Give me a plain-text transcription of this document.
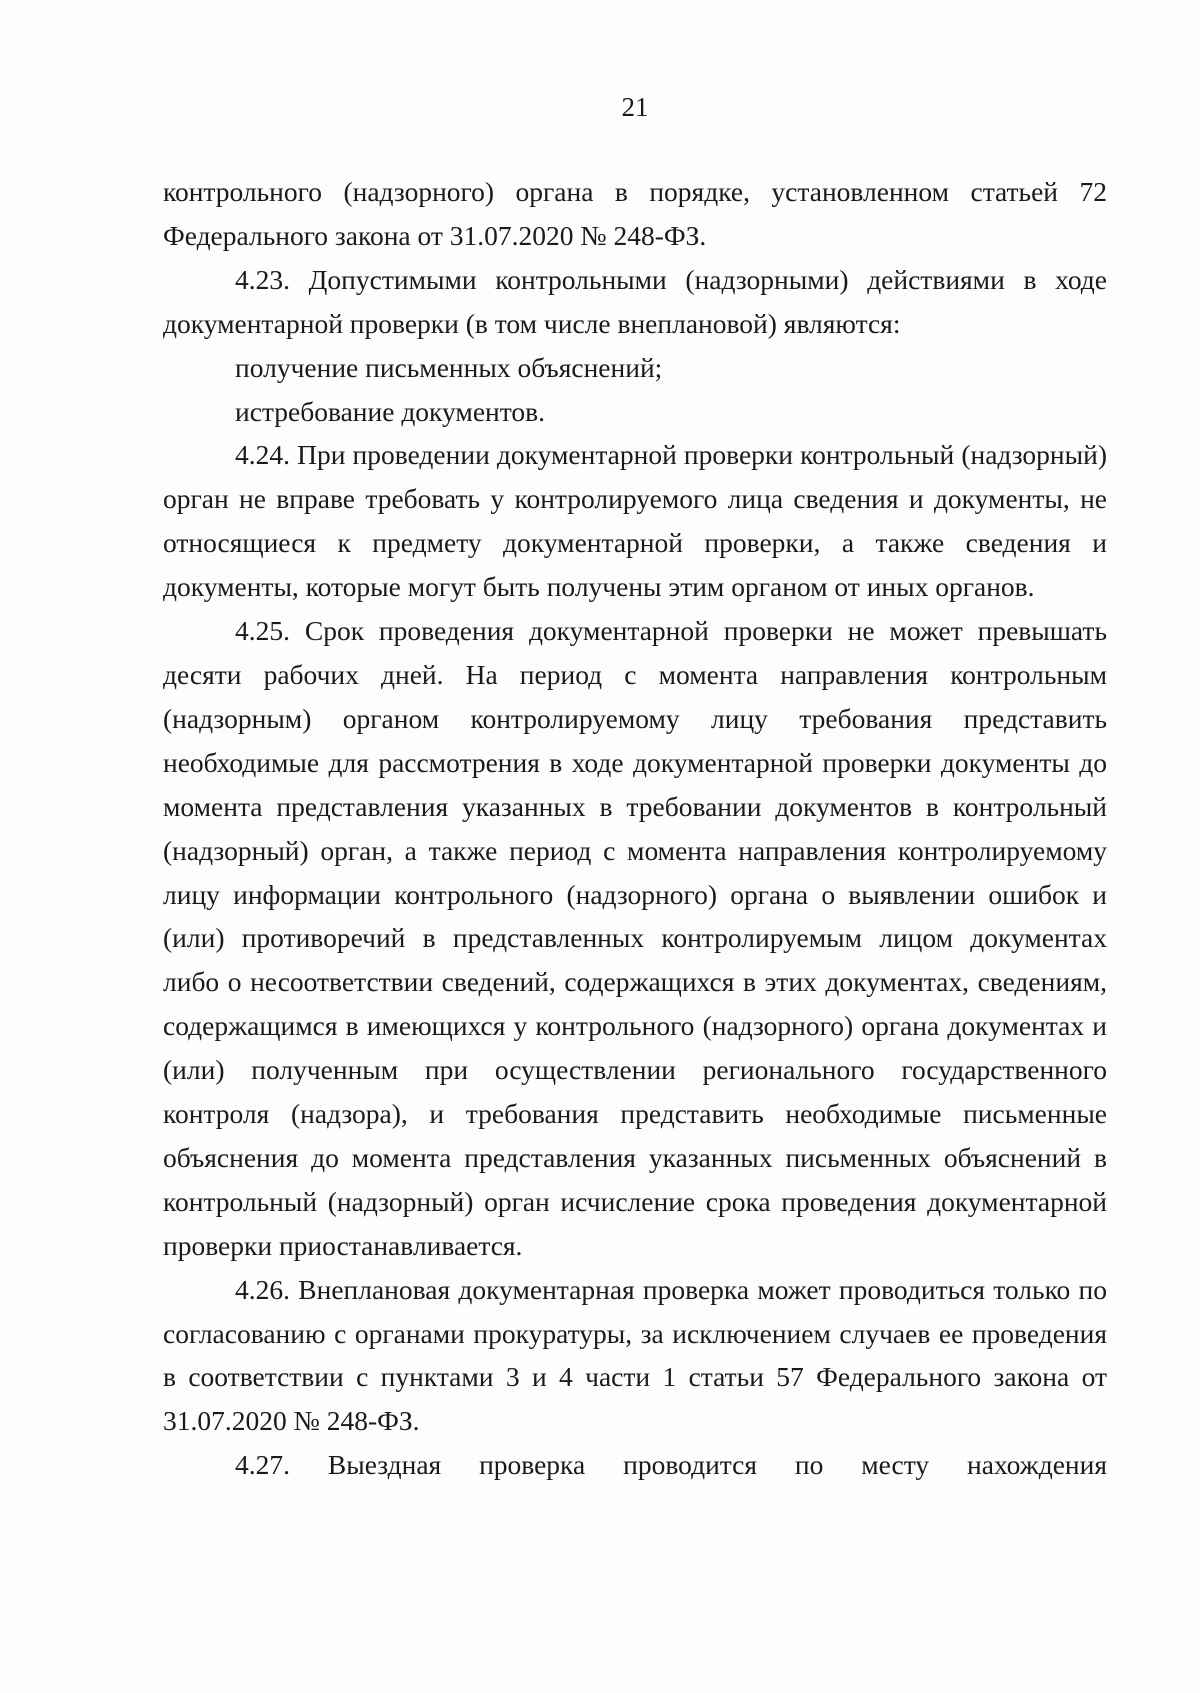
21

контрольного (надзорного) органа в порядке, установленном статьей 72 Федерального закона от 31.07.2020 № 248-ФЗ.

4.23. Допустимыми контрольными (надзорными) действиями в ходе документарной проверки (в том числе внеплановой) являются:

получение письменных объяснений;

истребование документов.

4.24. При проведении документарной проверки контрольный (надзорный) орган не вправе требовать у контролируемого лица сведения и документы, не относящиеся к предмету документарной проверки, а также сведения и документы, которые могут быть получены этим органом от иных органов.

4.25. Срок проведения документарной проверки не может превышать десяти рабочих дней. На период с момента направления контрольным (надзорным) органом контролируемому лицу требования представить необходимые для рассмотрения в ходе документарной проверки документы до момента представления указанных в требовании документов в контрольный (надзорный) орган, а также период с момента направления контролируемому лицу информации контрольного (надзорного) органа о выявлении ошибок и (или) противоречий в представленных контролируемым лицом документах либо о несоответствии сведений, содержащихся в этих документах, сведениям, содержащимся в имеющихся у контрольного (надзорного) органа документах и (или) полученным при осуществлении регионального государственного контроля (надзора), и требования представить необходимые письменные объяснения до момента представления указанных письменных объяснений в контрольный (надзорный) орган исчисление срока проведения документарной проверки приостанавливается.

4.26. Внеплановая документарная проверка может проводиться только по согласованию с органами прокуратуры, за исключением случаев ее проведения в соответствии с пунктами 3 и 4 части 1 статьи 57 Федерального закона от 31.07.2020 № 248-ФЗ.

4.27. Выездная проверка проводится по месту нахождения
